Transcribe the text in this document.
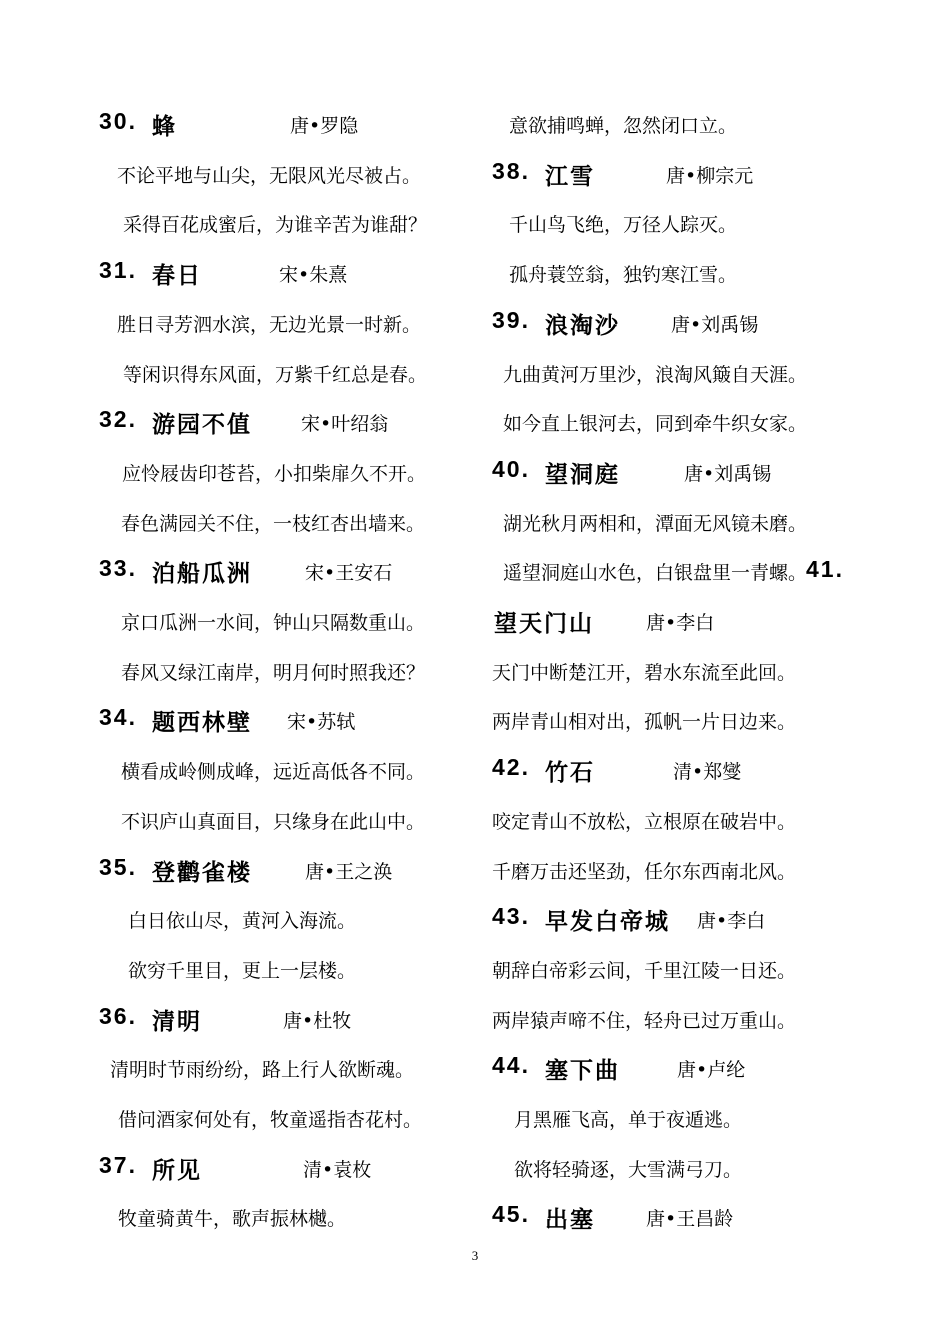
30. 蜂	唐•罗隐
不论平地与山尖，无限风光尽被占。
采得百花成蜜后，为谁辛苦为谁甜？
31. 春日	宋•朱熹
胜日寻芳泗水滨，无边光景一时新。
等闲识得东风面，万紫千红总是春。
32. 游园不值	宋•叶绍翁
应怜屐齿印苍苔，小扣柴扉久不开。
春色满园关不住，一枝红杏出墙来。
33. 泊船瓜洲	宋•王安石
京口瓜洲一水间，钟山只隔数重山。
春风又绿江南岸，明月何时照我还？
34. 题西林壁 宋•苏轼
横看成岭侧成峰，远近高低各不同。
不识庐山真面目，只缘身在此山中。
35. 登鹳雀楼	唐•王之涣
白日依山尽，黄河入海流。
欲穷千里目，更上一层楼。
36. 清明	唐•杜牧
清明时节雨纷纷，路上行人欲断魂。
借问酒家何处有，牧童遥指杏花村。
37. 所见	清•袁枚
牧童骑黄牛，歌声振林樾。
意欲捕鸣蝉，忽然闭口立。
38. 江雪	唐•柳宗元
千山鸟飞绝，万径人踪灭。
孤舟蓑笠翁，独钓寒江雪。
39. 浪淘沙	唐•刘禹锡
九曲黄河万里沙，浪淘风簸自天涯。
如今直上银河去，同到牵牛织女家。
40. 望洞庭	唐•刘禹锡
湖光秋月两相和，潭面无风镜未磨。
遥望洞庭山水色，白银盘里一青螺。
41.
望天门山	唐•李白
天门中断楚江开，碧水东流至此回。
两岸青山相对出，孤帆一片日边来。
42. 竹石	清•郑燮
咬定青山不放松，立根原在破岩中。
千磨万击还坚劲，任尔东西南北风。
43. 早发白帝城 唐•李白
朝辞白帝彩云间，千里江陵一日还。
两岸猿声啼不住，轻舟已过万重山。
44. 塞下曲	唐•卢纶
月黑雁飞高，单于夜遁逃。
欲将轻骑逐，大雪满弓刀。
45. 出塞	唐•王昌龄
3
